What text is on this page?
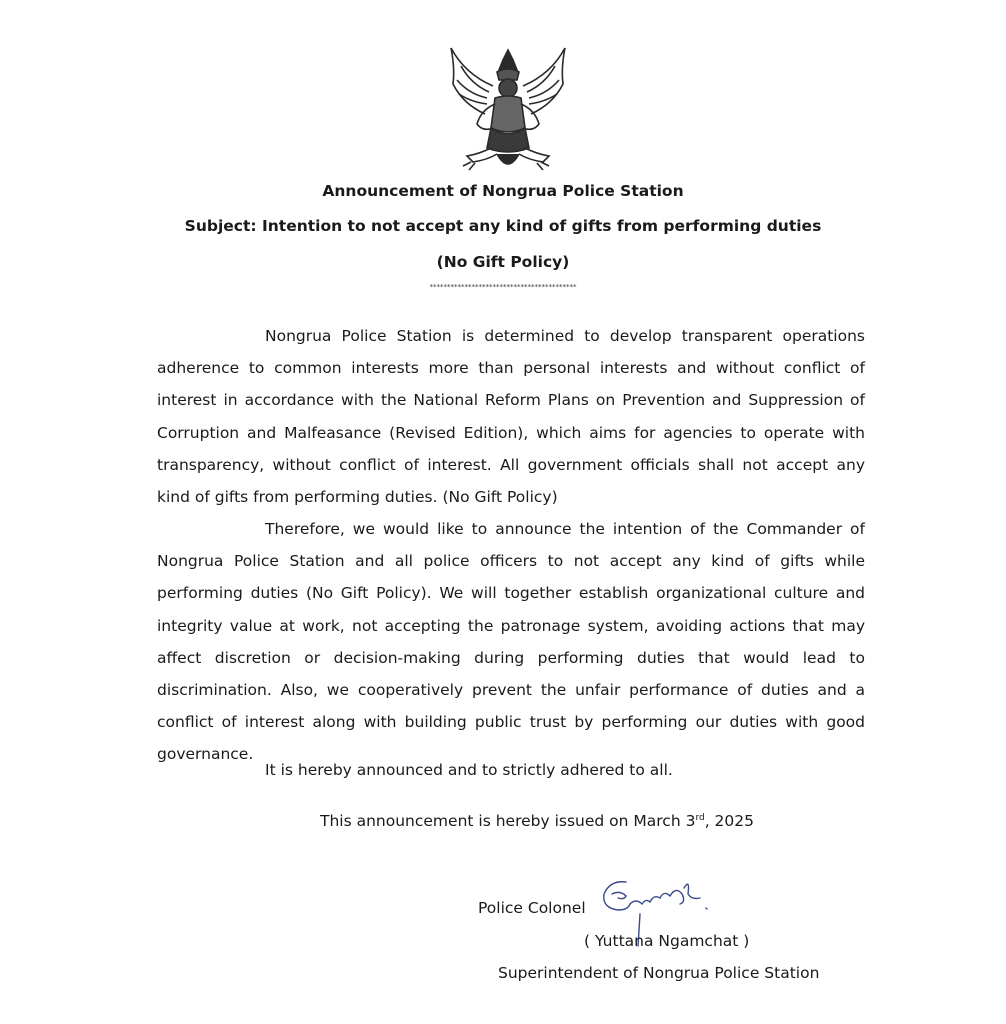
Announcement of Nongrua Police Station
Subject: Intention to not accept any kind of gifts from performing duties
(No Gift Policy)
******************************************

Nongrua Police Station is determined to develop transparent operations adherence to common interests more than personal interests and without conflict of interest in accordance with the National Reform Plans on Prevention and Suppression of Corruption and Malfeasance (Revised Edition), which aims for agencies to operate with transparency, without conflict of interest. All government officials shall not accept any kind of gifts from performing duties. (No Gift Policy)

Therefore, we would like to announce the intention of the Commander of Nongrua Police Station and all police officers to not accept any kind of gifts while performing duties (No Gift Policy). We will together establish organizational culture and integrity value at work, not accepting the patronage system, avoiding actions that may affect discretion or decision-making during performing duties that would lead to discrimination. Also, we cooperatively prevent the unfair performance of duties and a conflict of interest along with building public trust by performing our duties with good governance.

It is hereby announced and to strictly adhered to all.
This announcement is hereby issued on March 3rd, 2025
Police Colonel
( Yuttana Ngamchat )
Superintendent of Nongrua Police Station
